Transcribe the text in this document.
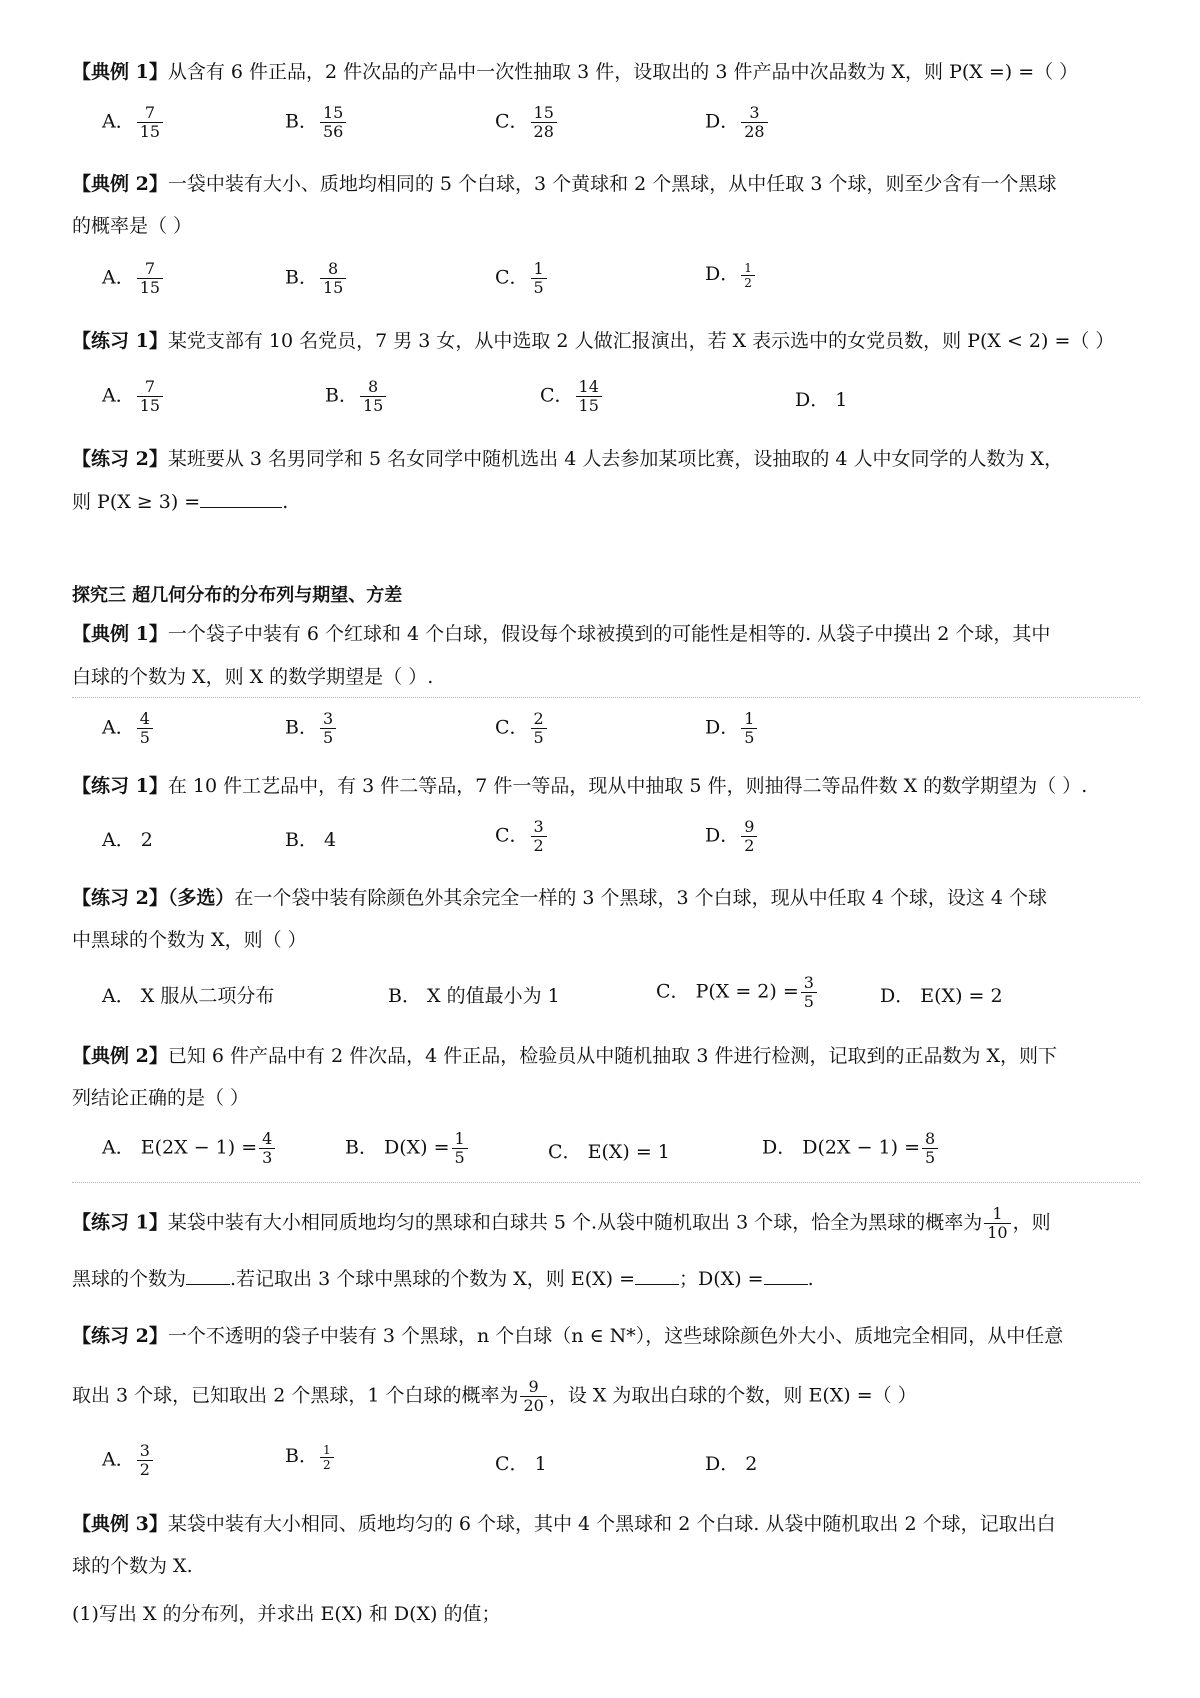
【典例 1】从含有 6 件正品，2 件次品的产品中一次性抽取 3 件，设取出的 3 件产品中次品数为 X，则 P(X =) =（ ）
A． $\frac{7}{15}$	B． $\frac{15}{56}$	C． $\frac{15}{28}$	D． $\frac{3}{28}$
【典例 2】一袋中装有大小、质地均相同的 5 个白球，3 个黄球和 2 个黑球，从中任取 3 个球，则至少含有一个黑球
的概率是（ ）
A． $\frac{7}{15}$	B． $\frac{8}{15}$	C． $\frac{1}{5}$	D． $\frac{1}{2}$
【练习 1】某党支部有 10 名党员，7 男 3 女，从中选取 2 人做汇报演出，若 X 表示选中的女党员数，则 P(X < 2) =（ ）
A． $\frac{7}{15}$	B． $\frac{8}{15}$	C． $\frac{14}{15}$	D． 1
【练习 2】某班要从 3 名男同学和 5 名女同学中随机选出 4 人去参加某项比赛，设抽取的 4 人中女同学的人数为 X，
则 P(X ≥ 3) =	.
探究三 超几何分布的分布列与期望、方差
【典例 1】一个袋子中装有 6 个红球和 4 个白球，假设每个球被摸到的可能性是相等的. 从袋子中摸出 2 个球，其中
白球的个数为 X，则 X 的数学期望是（ ）.
A． $\frac{4}{5}$	B． $\frac{3}{5}$	C． $\frac{2}{5}$	D． $\frac{1}{5}$
【练习 1】在 10 件工艺品中，有 3 件二等品，7 件一等品，现从中抽取 5 件，则抽得二等品件数 X 的数学期望为（ ）.
A． 2	B． 4	C． $\frac{3}{2}$	D． $\frac{9}{2}$
【练习 2】（多选）在一个袋中装有除颜色外其余完全一样的 3 个黑球，3 个白球，现从中任取 4 个球，设这 4 个球
中黑球的个数为 X，则（ ）
A． X 服从二项分布	B． X 的值最小为 1	C． $P(X = 2) = \frac{3}{5}$	D． E(X) = 2
【典例 2】已知 6 件产品中有 2 件次品，4 件正品，检验员从中随机抽取 3 件进行检测，记取到的正品数为 X，则下
列结论正确的是（ ）
A． $E(2X - 1) = \frac{4}{3}$	B． $D(X) = \frac{1}{5}$	C． E(X) = 1	D． $D(2X - 1) = \frac{8}{5}$
【练习 1】某袋中装有大小相同质地均匀的黑球和白球共 5 个.从袋中随机取出 3 个球，恰全为黑球的概率为 $\frac{1}{10}$ ，则
黑球的个数为 .若记取出 3 个球中黑球的个数为 X，则 E(X) = ；D(X) = .
【练习 2】一个不透明的袋子中装有 3 个黑球，n 个白球（n ∈ N*），这些球除颜色外大小、质地完全相同，从中任意
取出 3 个球，已知取出 2 个黑球，1 个白球的概率为 $\frac{9}{20}$ ，设 X 为取出白球的个数，则 E(X) =（ ）
A． $\frac{3}{2}$	B． $\frac{1}{2}$	C． 1	D． 2
【典例 3】某袋中装有大小相同、质地均匀的 6 个球，其中 4 个黑球和 2 个白球. 从袋中随机取出 2 个球，记取出白
球的个数为 X.
(1)写出 X 的分布列，并求出 E(X) 和 D(X) 的值；
